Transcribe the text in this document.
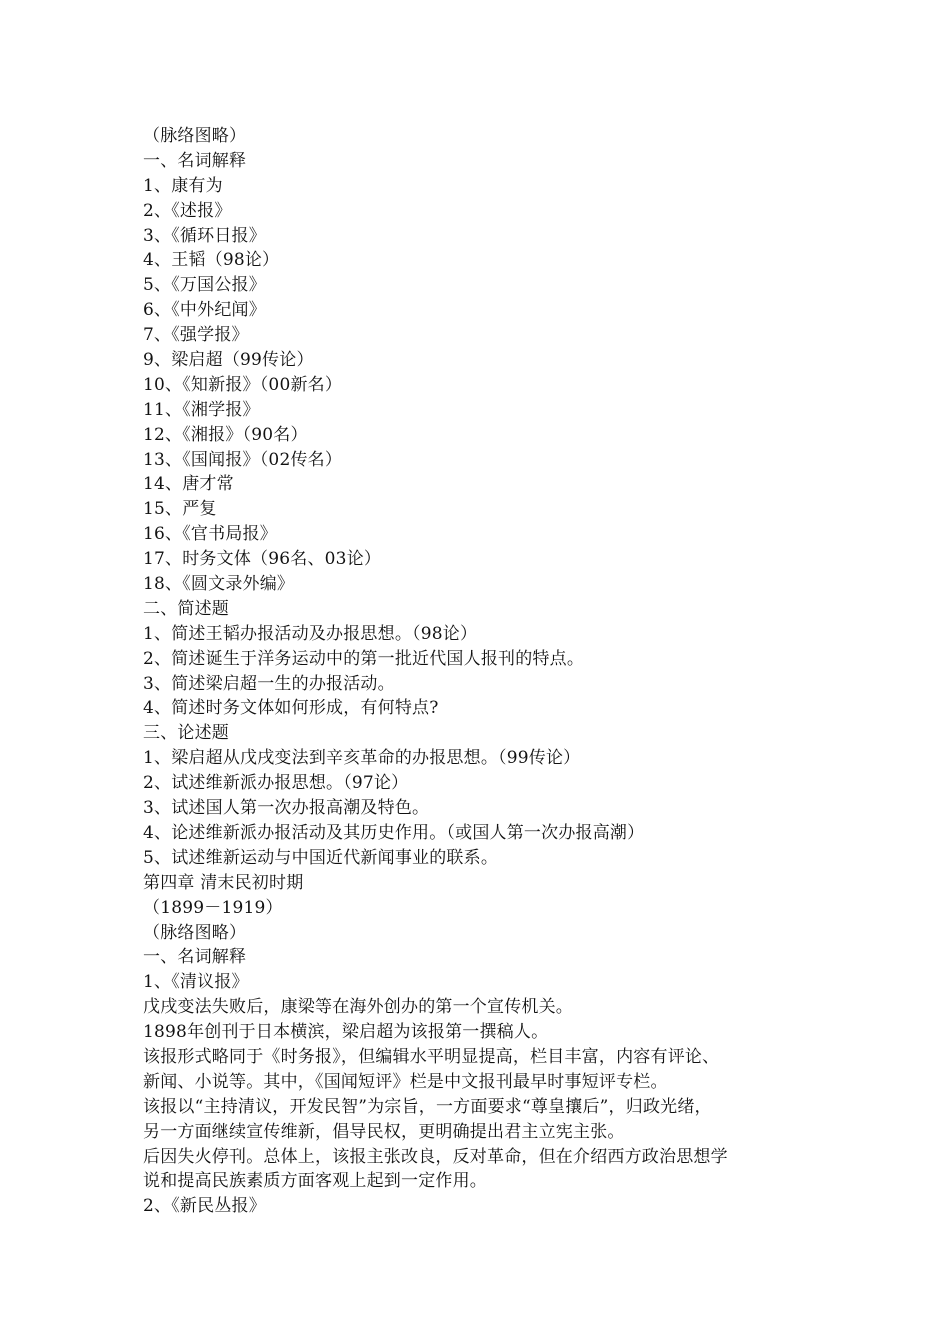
（脉络图略）
一、名词解释
1、康有为
2、《述报》
3、《循环日报》
4、王韬（98论）
5、《万国公报》
6、《中外纪闻》
7、《强学报》
9、梁启超（99传论）
10、《知新报》（00新名）
11、《湘学报》
12、《湘报》（90名）
13、《国闻报》（02传名）
14、唐才常
15、严复
16、《官书局报》
17、时务文体（96名、03论）
18、《圆文录外编》
二、简述题
1、简述王韬办报活动及办报思想。（98论）
2、简述诞生于洋务运动中的第一批近代国人报刊的特点。
3、简述梁启超一生的办报活动。
4、简述时务文体如何形成，有何特点?
三、论述题
1、梁启超从戊戌变法到辛亥革命的办报思想。（99传论）
2、试述维新派办报思想。（97论）
3、试述国人第一次办报高潮及特色。
4、论述维新派办报活动及其历史作用。（或国人第一次办报高潮）
5、试述维新运动与中国近代新闻事业的联系。
第四章 清末民初时期
（1899－1919）
（脉络图略）
一、名词解释
1、《清议报》
戊戌变法失败后，康梁等在海外创办的第一个宣传机关。
1898年创刊于日本横滨，梁启超为该报第一撰稿人。
该报形式略同于《时务报》，但编辑水平明显提高，栏目丰富，内容有评论、
新闻、小说等。其中，《国闻短评》栏是中文报刊最早时事短评专栏。
该报以“主持清议，开发民智”为宗旨，一方面要求“尊皇攘后”，归政光绪，
另一方面继续宣传维新，倡导民权，更明确提出君主立宪主张。
后因失火停刊。总体上，该报主张改良，反对革命，但在介绍西方政治思想学
说和提高民族素质方面客观上起到一定作用。
2、《新民丛报》
